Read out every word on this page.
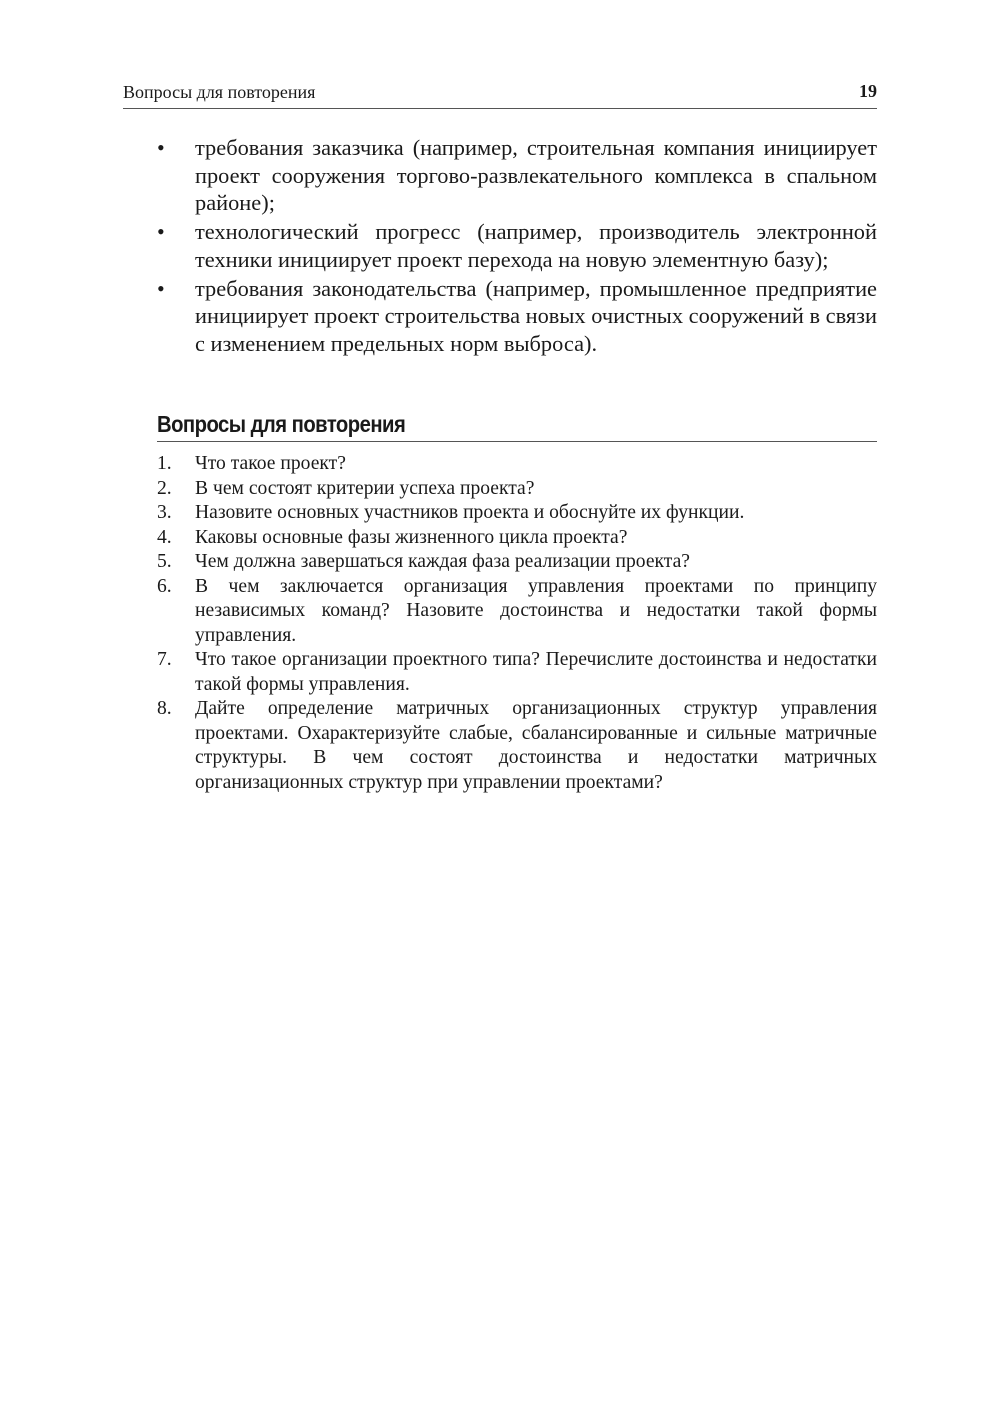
Вопросы для повторения	19
• требования заказчика (например, строительная компания инициирует проект сооружения торгово-развлекательного комплекса в спальном районе);
• технологический прогресс (например, производитель электронной техники инициирует проект перехода на новую элементную базу);
• требования законодательства (например, промышленное предприятие инициирует проект строительства новых очистных сооружений в связи с изменением предельных норм выброса).
Вопросы для повторения
1. Что такое проект?
2. В чем состоят критерии успеха проекта?
3. Назовите основных участников проекта и обоснуйте их функции.
4. Каковы основные фазы жизненного цикла проекта?
5. Чем должна завершаться каждая фаза реализации проекта?
6. В чем заключается организация управления проектами по принципу независимых команд? Назовите достоинства и недостатки такой формы управления.
7. Что такое организации проектного типа? Перечислите достоинства и недостатки такой формы управления.
8. Дайте определение матричных организационных структур управления проектами. Охарактеризуйте слабые, сбалансированные и сильные матричные структуры. В чем состоят достоинства и недостатки матричных организационных структур при управлении проектами?
